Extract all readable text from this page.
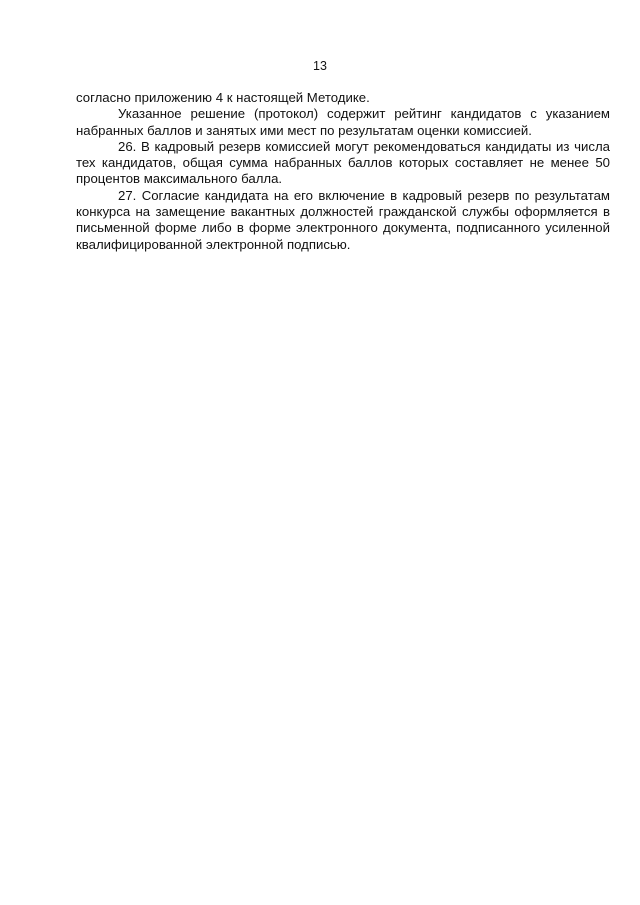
13

согласно приложению 4 к настоящей Методике.

Указанное решение (протокол) содержит рейтинг кандидатов с указанием набранных баллов и занятых ими мест по результатам оценки комиссией.

26. В кадровый резерв комиссией могут рекомендоваться кандидаты из числа тех кандидатов, общая сумма набранных баллов которых составляет не менее 50 процентов максимального балла.

27. Согласие кандидата на его включение в кадровый резерв по результатам конкурса на замещение вакантных должностей гражданской службы оформляется в письменной форме либо в форме электронного документа, подписанного усиленной квалифицированной электронной подписью.
